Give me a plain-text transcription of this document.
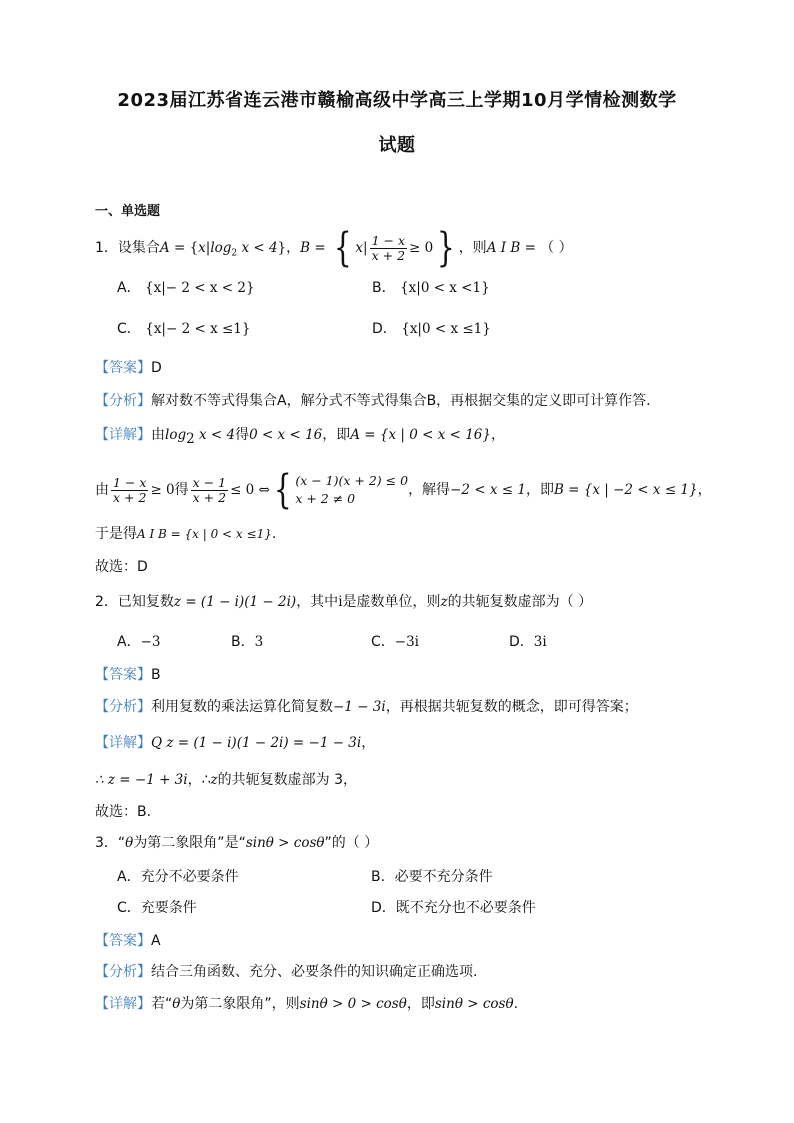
2023届江苏省连云港市赣榆高级中学高三上学期10月学情检测数学
试题
一、单选题
1．设集合$A = \{x|\log_2$ x < 4}，B = { $x| \frac{1 - x}{x + 2} \ge 0$} ，则A I B = （ ）
A． {x|− 2 < x < 2}	B． {x|0 < x <1}
C． {x|− 2 < x ≤1}	D． {x|0 < x ≤1}
【答案】D
【分析】解对数不等式得集合A，解分式不等式得集合B，再根据交集的定义即可计算作答.
【详解】由$\log_2 x < 4$得0 < x < 16，即A = {x | 0 < x < 16}，
由 $\frac{1 - x}{x + 2} \ge 0$得 $\frac{x - 1}{x + 2} \le 0$ ⇔{ (x − 1)(x + 2) ≤ 0
x + 2 ≠ 0
，解得−2 < x ≤ 1，即B = {x | −2 < x ≤ 1}，
于是得A I B = {x | 0 < x ≤1}.
故选：D
2．已知复数z = (1 − i)(1 − 2i)，其中i是虚数单位，则z的共轭复数虚部为（ ）
A．−3	B．3	C．−3i	D．3i
【答案】B
【分析】利用复数的乘法运算化简复数−1 − 3i，再根据共轭复数的概念，即可得答案；
【详解】Q z = (1 − i)(1 − 2i) = −1 − 3i，
∴ z = −1 + 3i，∴z的共轭复数虚部为 3，
故选：B.
3．“θ为第二象限角”是“sinθ > cosθ”的（ ）
A．充分不必要条件	B．必要不充分条件
C．充要条件	D．既不充分也不必要条件
【答案】A
【分析】结合三角函数、充分、必要条件的知识确定正确选项.
【详解】若“θ为第二象限角”，则sinθ > 0 > cosθ，即sinθ > cosθ.
